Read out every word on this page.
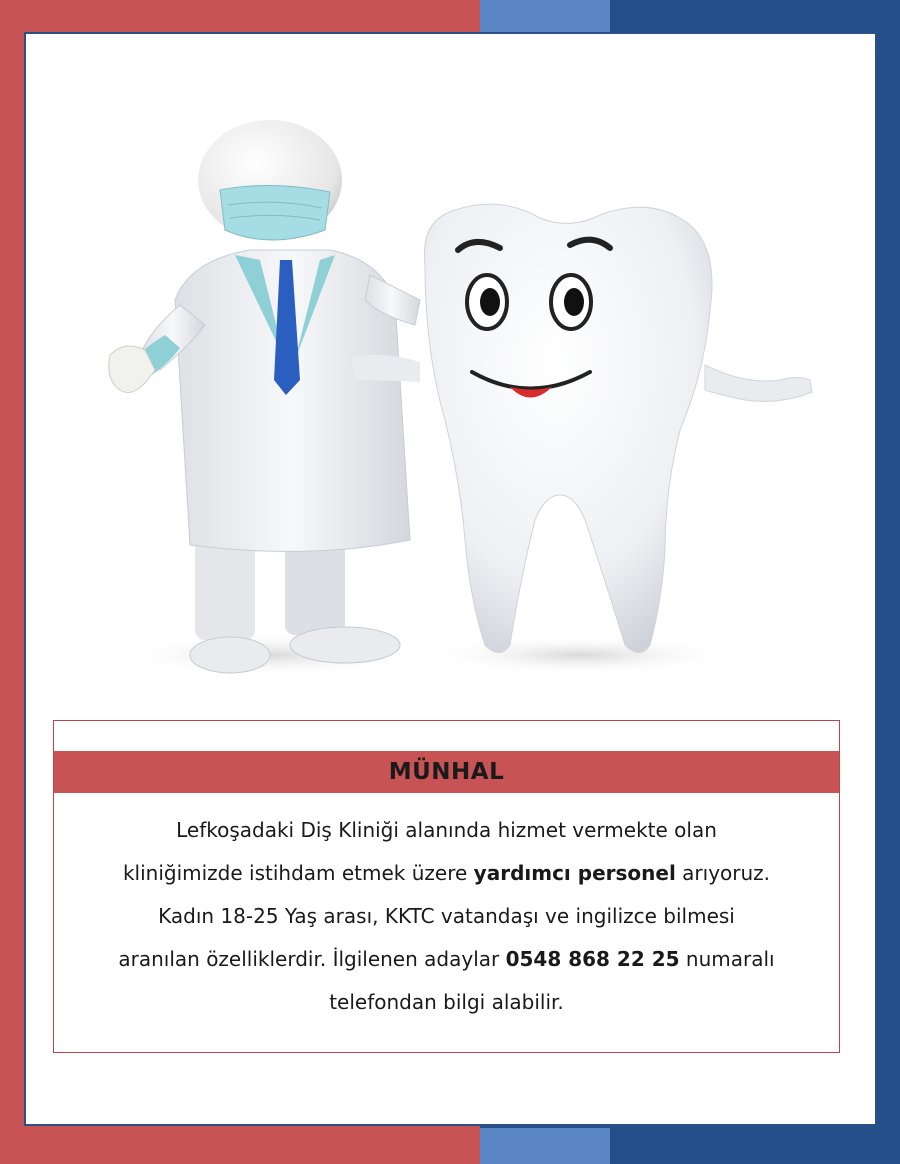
MÜNHAL
Lefkoşadaki Diş Kliniği alanında hizmet vermekte olan
kliniğimizde istihdam etmek üzere yardımcı personel arıyoruz.
Kadın 18-25 Yaş arası, KKTC vatandaşı ve ingilizce bilmesi
aranılan özelliklerdir. İlgilenen adaylar 0548 868 22 25 numaralı
telefondan bilgi alabilir.
